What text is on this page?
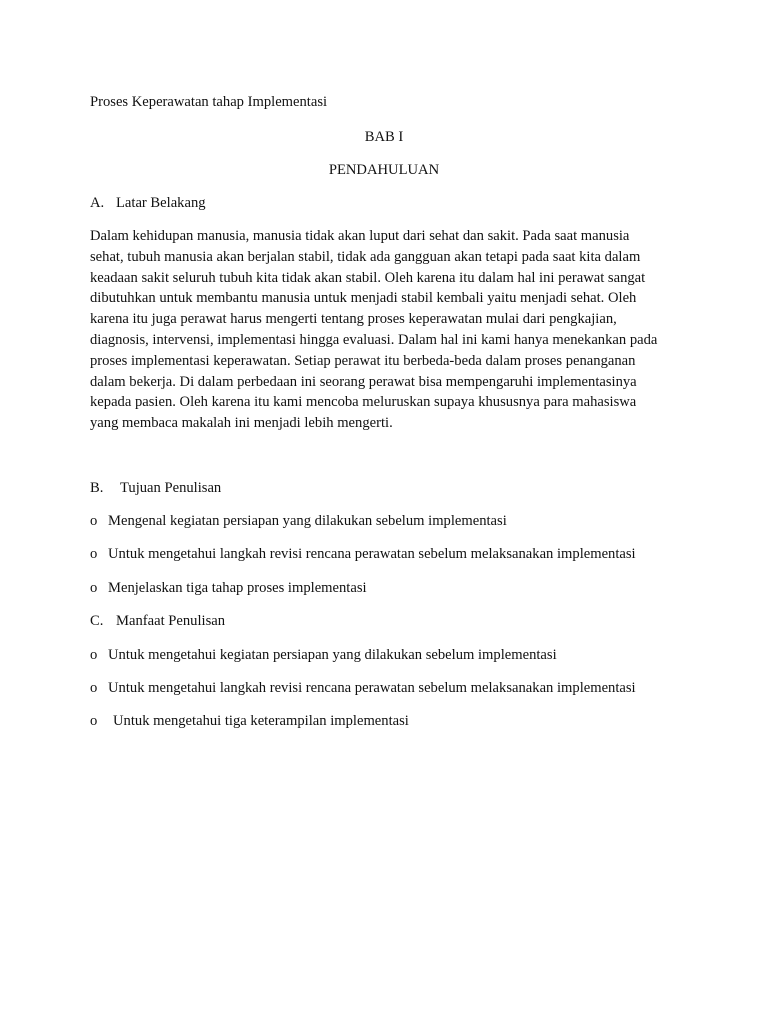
Proses Keperawatan tahap Implementasi
BAB I
PENDAHULUAN
A. Latar Belakang
Dalam kehidupan manusia, manusia tidak akan luput dari sehat dan sakit. Pada saat manusia
sehat, tubuh manusia akan berjalan stabil, tidak ada gangguan akan tetapi pada saat kita dalam
keadaan sakit seluruh tubuh kita tidak akan stabil. Oleh karena itu dalam hal ini perawat sangat
dibutuhkan untuk membantu manusia untuk menjadi stabil kembali yaitu menjadi sehat. Oleh
karena itu juga perawat harus mengerti tentang proses keperawatan mulai dari pengkajian,
diagnosis, intervensi, implementasi hingga evaluasi. Dalam hal ini kami hanya menekankan pada
proses implementasi keperawatan. Setiap perawat itu berbeda-beda dalam proses penanganan
dalam bekerja. Di dalam perbedaan ini seorang perawat bisa mempengaruhi implementasinya
kepada pasien. Oleh karena itu kami mencoba meluruskan supaya khususnya para mahasiswa
yang membaca makalah ini menjadi lebih mengerti.
B. Tujuan Penulisan
o Mengenal kegiatan persiapan yang dilakukan sebelum implementasi
o Untuk mengetahui langkah revisi rencana perawatan sebelum melaksanakan implementasi
o Menjelaskan tiga tahap proses implementasi
C. Manfaat Penulisan
o Untuk mengetahui kegiatan persiapan yang dilakukan sebelum implementasi
o Untuk mengetahui langkah revisi rencana perawatan sebelum melaksanakan implementasi
o Untuk mengetahui tiga keterampilan implementasi
